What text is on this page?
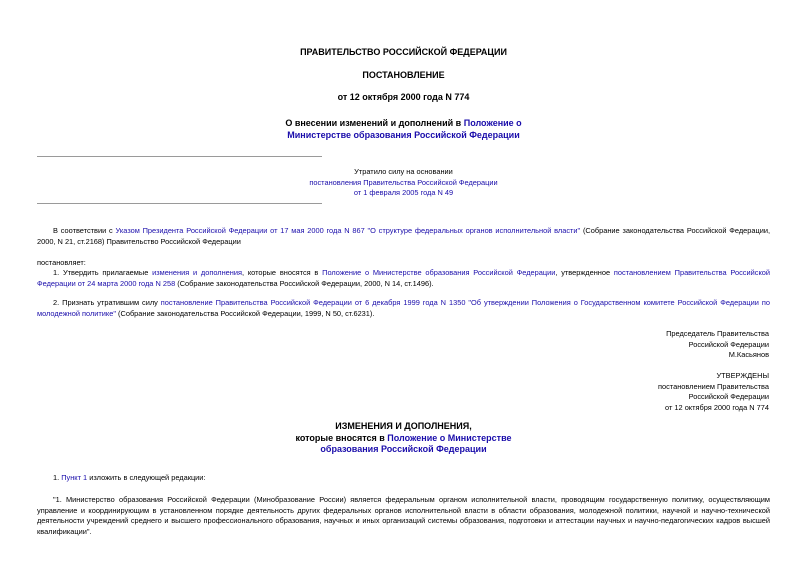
ПРАВИТЕЛЬСТВО РОССИЙСКОЙ ФЕДЕРАЦИИ
ПОСТАНОВЛЕНИЕ
от 12 октября 2000 года N 774
О внесении изменений и дополнений в Положение о
Министерстве образования Российской Федерации
Утратило силу на основании
постановления Правительства Российской Федерации
от 1 февраля 2005 года N 49
В соответствии с Указом Президента Российской Федерации от 17 мая 2000 года N 867 "О структуре федеральных органов исполнительной власти" (Собрание законодательства Российской Федерации, 2000, N 21, ст.2168) Правительство Российской Федерации
постановляет:
1. Утвердить прилагаемые изменения и дополнения, которые вносятся в Положение о Министерстве образования Российской Федерации, утвержденное постановлением Правительства Российской Федерации от 24 марта 2000 года N 258 (Собрание законодательства Российской Федерации, 2000, N 14, ст.1496).
2. Признать утратившим силу постановление Правительства Российской Федерации от 6 декабря 1999 года N 1350 "Об утверждении Положения о Государственном комитете Российской Федерации по молодежной политике" (Собрание законодательства Российской Федерации, 1999, N 50, ст.6231).
Председатель Правительства
Российской Федерации
М.Касьянов
УТВЕРЖДЕНЫ
постановлением Правительства
Российской Федерации
от 12 октября 2000 года N 774
ИЗМЕНЕНИЯ И ДОПОЛНЕНИЯ,
которые вносятся в Положение о Министерстве
образования Российской Федерации
1. Пункт 1 изложить в следующей редакции:
"1. Министерство образования Российской Федерации (Минобразование России) является федеральным органом исполнительной власти, проводящим государственную политику, осуществляющим управление и координирующим в установленном порядке деятельность других федеральных органов исполнительной власти в области образования, молодежной политики, научной и научно-технической деятельности учреждений среднего и высшего профессионального образования, научных и иных организаций системы образования, подготовки и аттестации научных и научно-педагогических кадров высшей квалификации".
